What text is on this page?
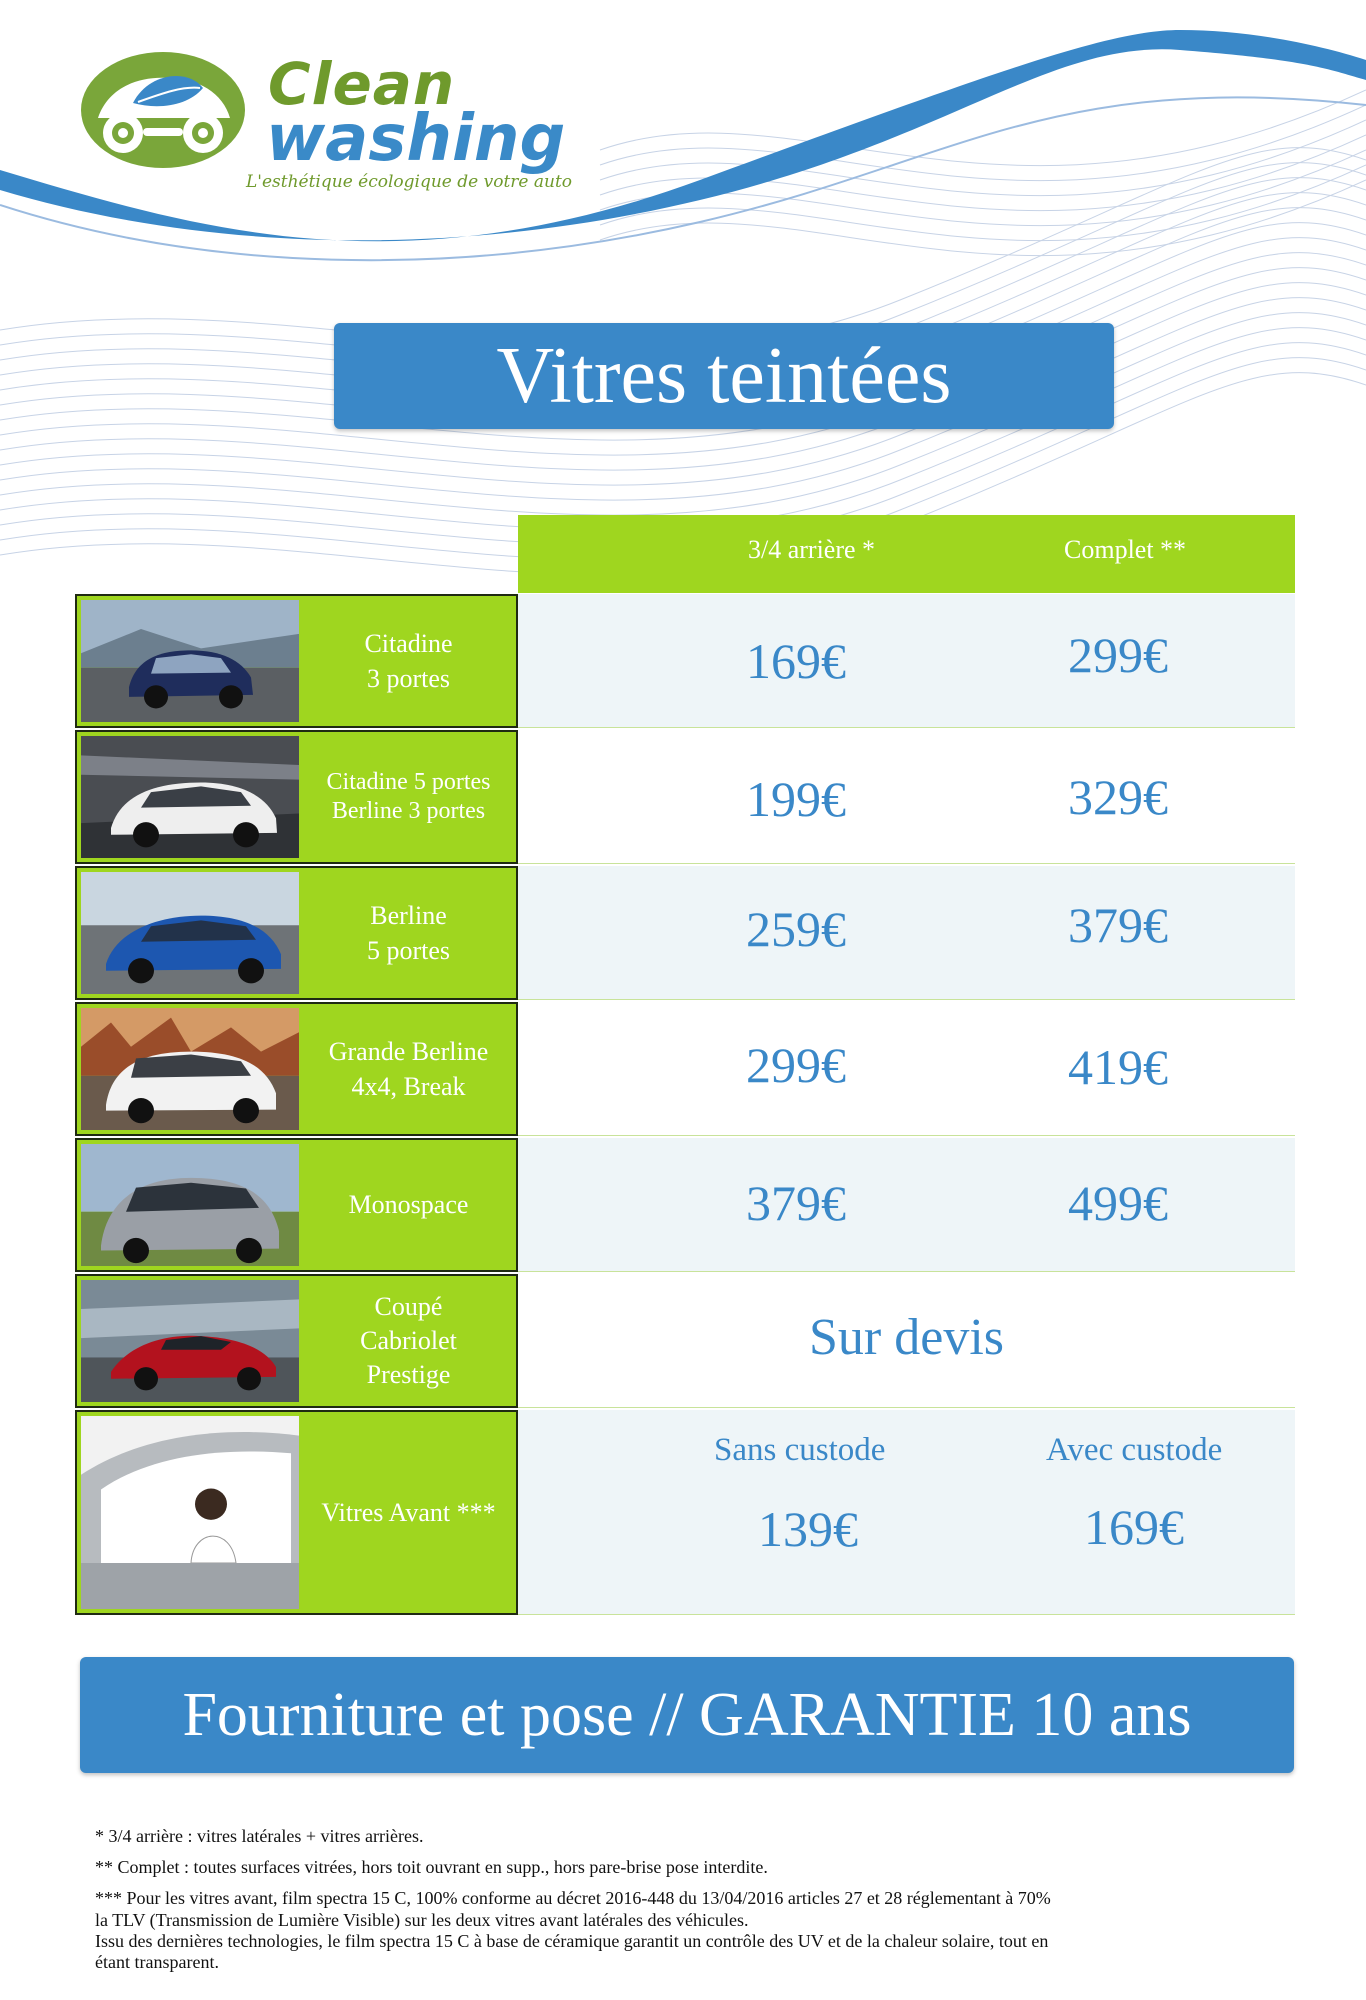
Clean
washing
L'esthétique écologique de votre auto
Vitres teintées
3/4 arrière *	Complet **
Citadine
3 portes	169€	299€
Citadine 5 portes
Berline 3 portes	199€	329€
Berline
5 portes	259€	379€
Grande Berline
4x4, Break	299€	419€
Monospace	379€	499€
Coupé
Cabriolet
Prestige
Sur devis
Vitres Avant ***
Sans custode	Avec custode
139€	169€
Fourniture et pose // GARANTIE 10 ans

* 3/4 arrière : vitres latérales + vitres arrières.

** Complet : toutes surfaces vitrées, hors toit ouvrant en supp., hors pare-brise pose interdite.

*** Pour les vitres avant, film spectra 15 C, 100% conforme au décret 2016-448 du 13/04/2016 articles 27 et 28 réglementant à 70%

la TLV (Transmission de Lumière Visible) sur les deux vitres avant latérales des véhicules.

Issu des dernières technologies, le film spectra 15 C à base de céramique garantit un contrôle des UV et de la chaleur solaire, tout en

étant transparent.
